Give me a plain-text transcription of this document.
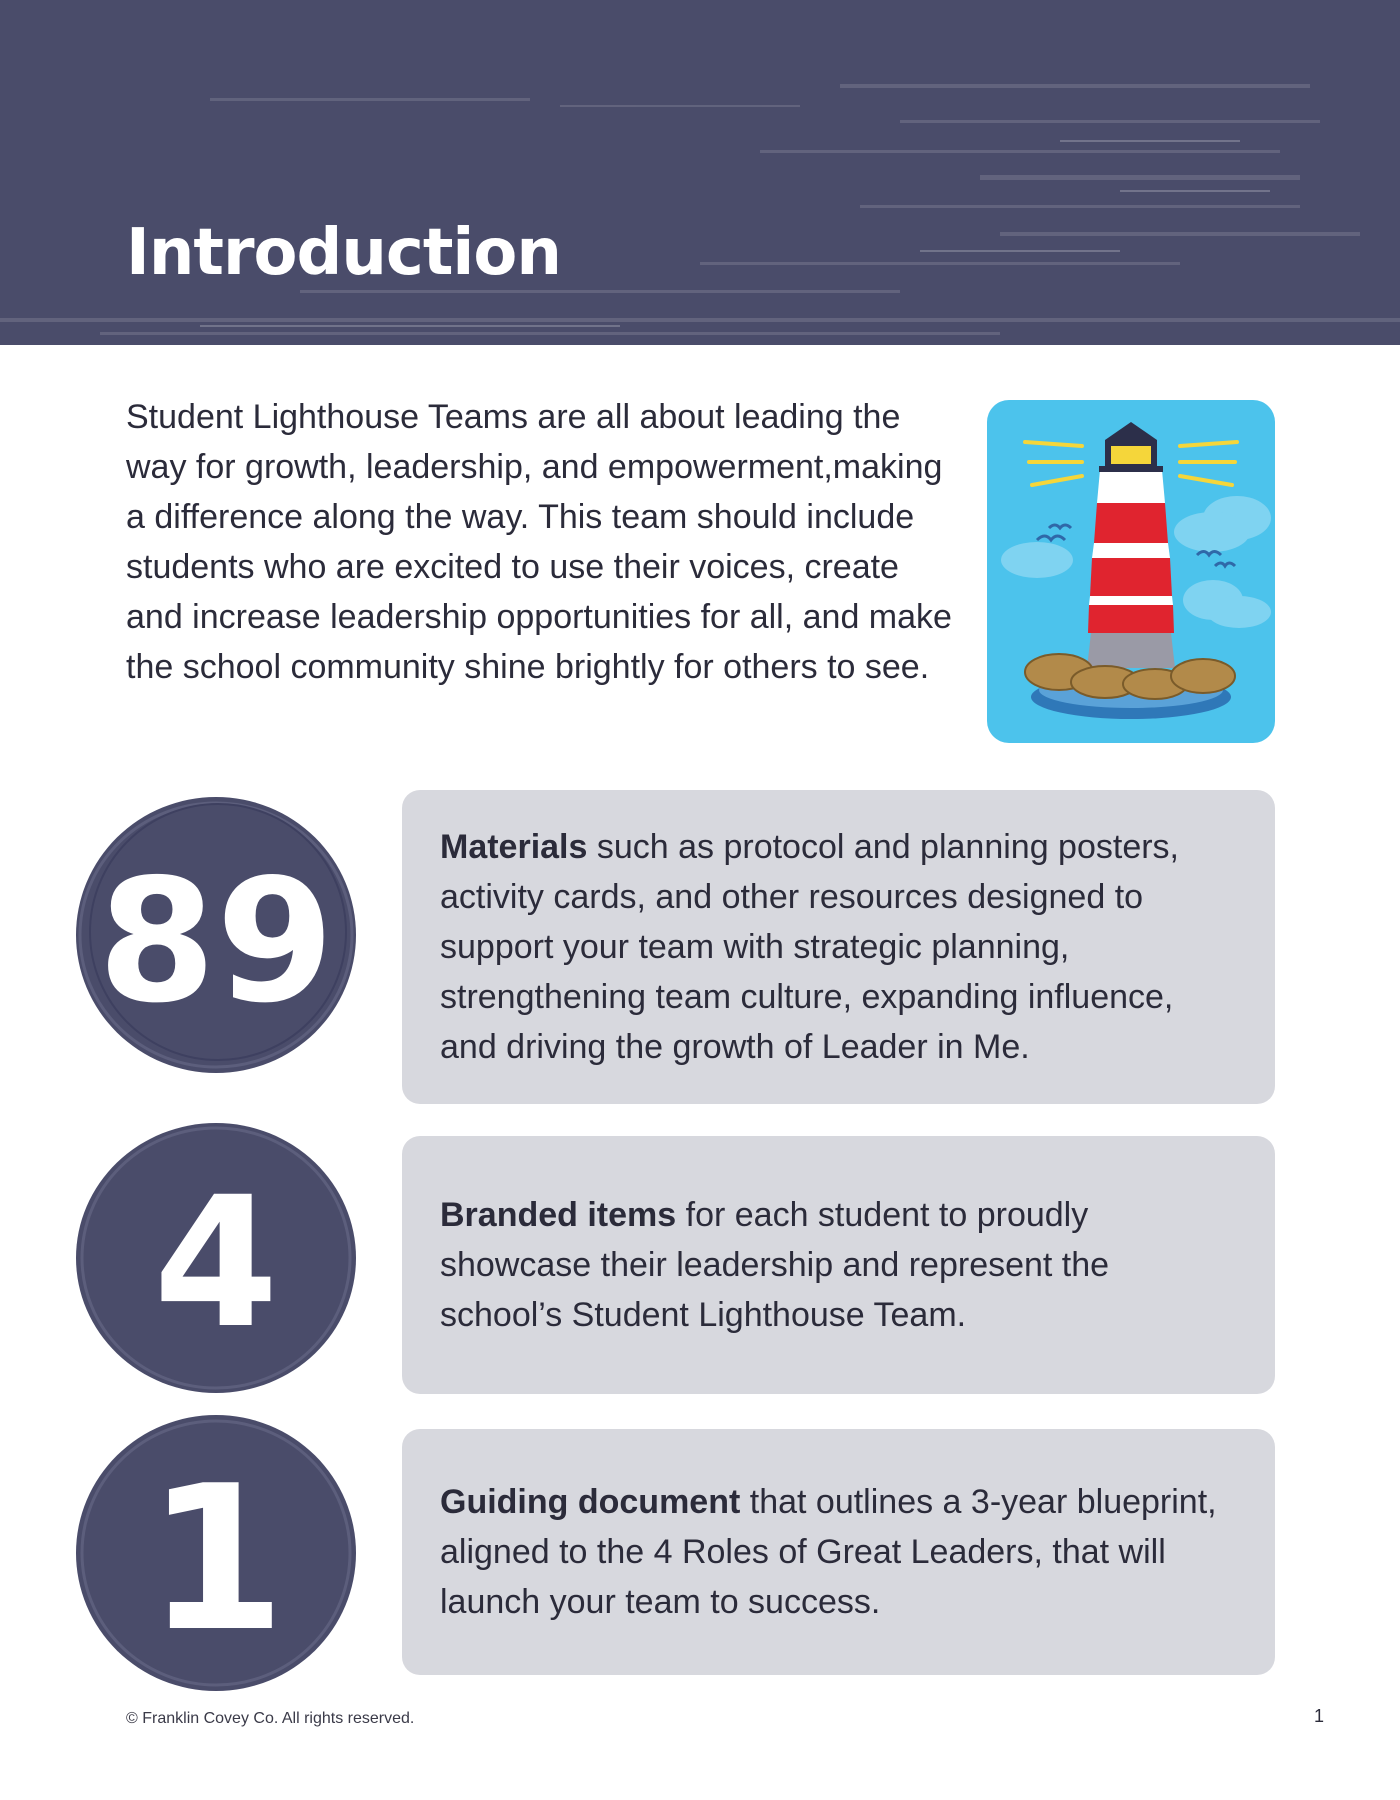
Introduction

Student Lighthouse Teams are all about leading the way for growth, leadership, and empowerment,making a difference along the way. This team should include students who are excited to use their voices, create and increase leadership opportunities for all, and make the school community shine brightly for others to see.

89	Materials such as protocol and planning posters, activity cards, and other resources designed to support your team with strategic planning, strengthening team culture, expanding influence, and driving the growth of Leader in Me.

4	Branded items for each student to proudly showcase their leadership and represent the school’s Student Lighthouse Team.

1	Guiding document that outlines a 3-year blueprint, aligned to the 4 Roles of Great Leaders, that will launch your team to success.

© Franklin Covey Co. All rights reserved.	1
